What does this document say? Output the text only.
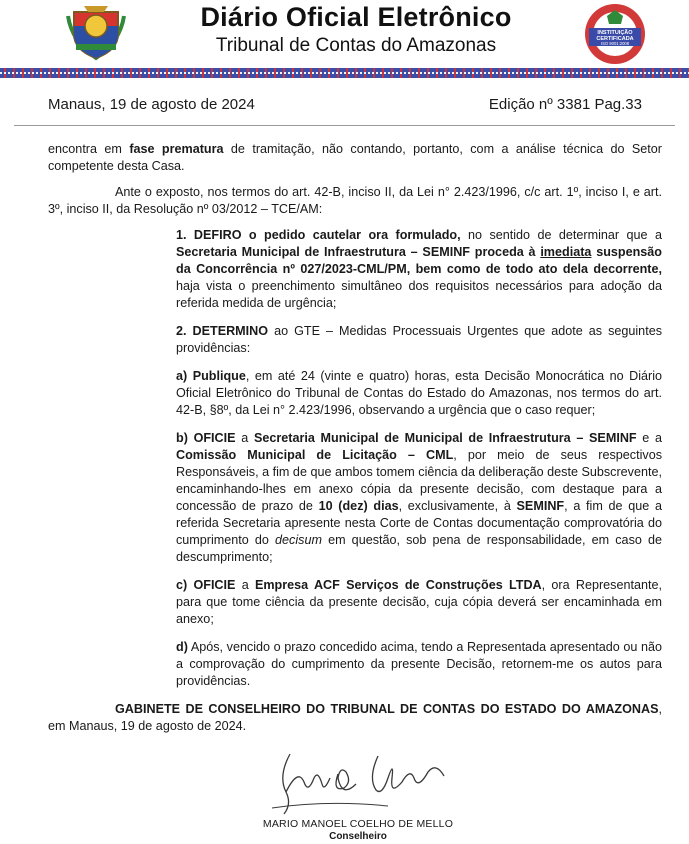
Diário Oficial Eletrônico
Tribunal de Contas do Amazonas
INSTITUIÇÃO
CERTIFICADA
ISO 9001:2008
Manaus, 19 de agosto de 2024	Edição nº 3381 Pag.33

encontra em fase prematura de tramitação, não contando, portanto, com a análise técnica do Setor competente desta Casa.

Ante o exposto, nos termos do art. 42-B, inciso II, da Lei n° 2.423/1996, c/c art. 1º, inciso I, e art. 3º, inciso II, da Resolução nº 03/2012 – TCE/AM:

1. DEFIRO o pedido cautelar ora formulado, no sentido de determinar que a Secretaria Municipal de Infraestrutura – SEMINF proceda à imediata suspensão da Concorrência nº 027/2023-CML/PM, bem como de todo ato dela decorrente, haja vista o preenchimento simultâneo dos requisitos necessários para adoção da referida medida de urgência;

2. DETERMINO ao GTE – Medidas Processuais Urgentes que adote as seguintes providências:

a) Publique, em até 24 (vinte e quatro) horas, esta Decisão Monocrática no Diário Oficial Eletrônico do Tribunal de Contas do Estado do Amazonas, nos termos do art. 42-B, §8º, da Lei n° 2.423/1996, observando a urgência que o caso requer;

b) OFICIE a Secretaria Municipal de Municipal de Infraestrutura – SEMINF e a Comissão Municipal de Licitação – CML, por meio de seus respectivos Responsáveis, a fim de que ambos tomem ciência da deliberação deste Subscrevente, encaminhando-lhes em anexo cópia da presente decisão, com destaque para a concessão de prazo de 10 (dez) dias, exclusivamente, à SEMINF, a fim de que a referida Secretaria apresente nesta Corte de Contas documentação comprovatória do cumprimento do decisum em questão, sob pena de responsabilidade, em caso de descumprimento;

c) OFICIE a Empresa ACF Serviços de Construções LTDA, ora Representante, para que tome ciência da presente decisão, cuja cópia deverá ser encaminhada em anexo;

d) Após, vencido o prazo concedido acima, tendo a Representada apresentado ou não a comprovação do cumprimento da presente Decisão, retornem-me os autos para providências.

GABINETE DE CONSELHEIRO DO TRIBUNAL DE CONTAS DO ESTADO DO AMAZONAS, em Manaus, 19 de agosto de 2024.

MARIO MANOEL COELHO DE MELLO
Conselheiro
